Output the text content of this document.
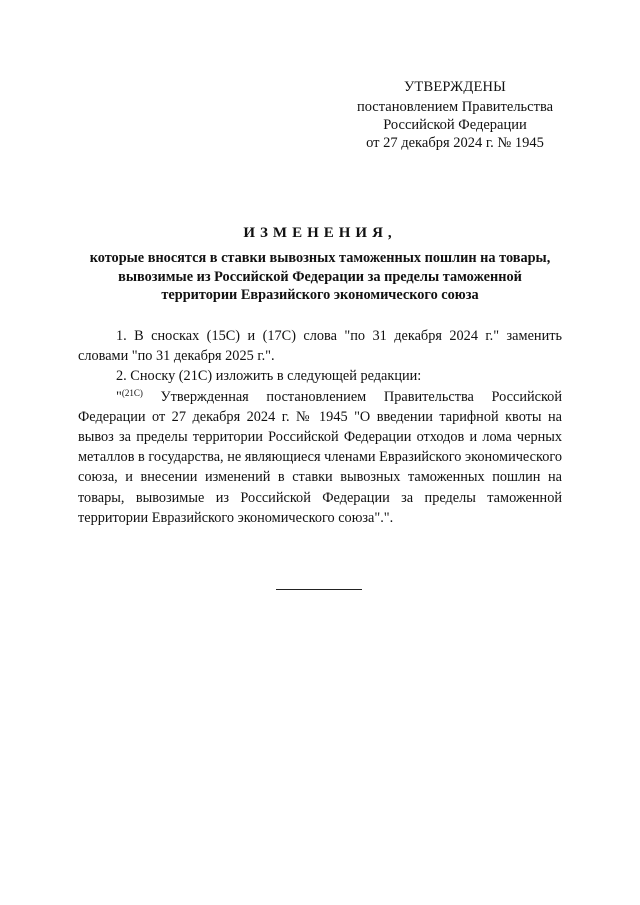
УТВЕРЖДЕНЫ
постановлением Правительства
Российской Федерации
от 27 декабря 2024 г. № 1945
ИЗМЕНЕНИЯ,
которые вносятся в ставки вывозных таможенных пошлин на товары,
вывозимые из Российской Федерации за пределы таможенной
территории Евразийского экономического союза

1. В сносках (15С) и (17С) слова "по 31 декабря 2024 г." заменить словами "по 31 декабря 2025 г.".

2. Сноску (21С) изложить в следующей редакции:

"$^{(21С)}$ Утвержденная постановлением Правительства Российской Федерации от 27 декабря 2024 г. № 1945 "О введении тарифной квоты на вывоз за пределы территории Российской Федерации отходов и лома черных металлов в государства, не являющиеся членами Евразийского экономического союза, и внесении изменений в ставки вывозных таможенных пошлин на товары, вывозимые из Российской Федерации за пределы таможенной территории Евразийского экономического союза".".
